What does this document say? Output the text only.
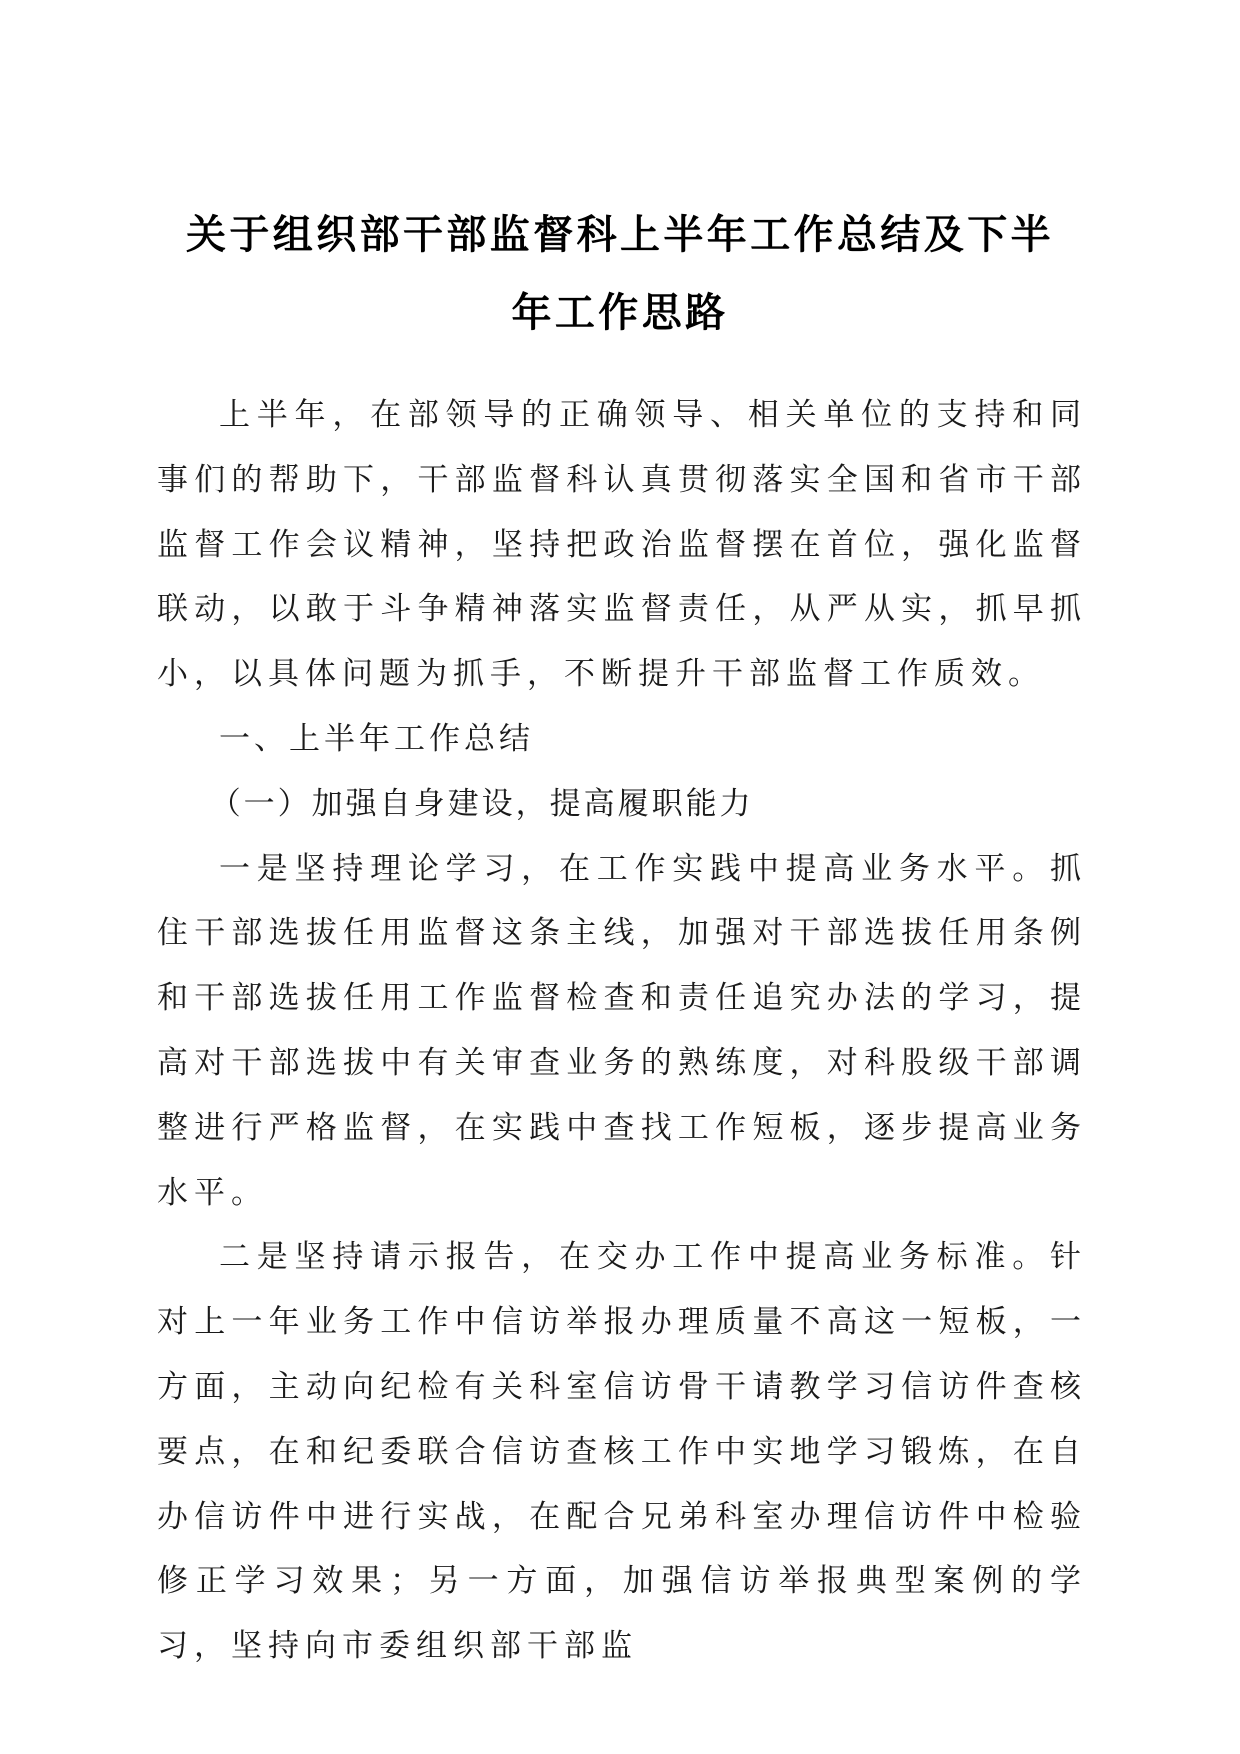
关于组织部干部监督科上半年工作总结及下半
年工作思路

上半年，在部领导的正确领导、相关单位的支持和同事们的帮助下，干部监督科认真贯彻落实全国和省市干部监督工作会议精神，坚持把政治监督摆在首位，强化监督联动，以敢于斗争精神落实监督责任，从严从实，抓早抓小，以具体问题为抓手，不断提升干部监督工作质效。

一、上半年工作总结

（一）加强自身建设，提高履职能力

一是坚持理论学习，在工作实践中提高业务水平。抓住干部选拔任用监督这条主线，加强对干部选拔任用条例和干部选拔任用工作监督检查和责任追究办法的学习，提高对干部选拔中有关审查业务的熟练度，对科股级干部调整进行严格监督，在实践中查找工作短板，逐步提高业务水平。

二是坚持请示报告，在交办工作中提高业务标准。针对上一年业务工作中信访举报办理质量不高这一短板，一方面，主动向纪检有关科室信访骨干请教学习信访件查核要点，在和纪委联合信访查核工作中实地学习锻炼，在自办信访件中进行实战，在配合兄弟科室办理信访件中检验修正学习效果；另一方面，加强信访举报典型案例的学习，坚持向市委组织部干部监
